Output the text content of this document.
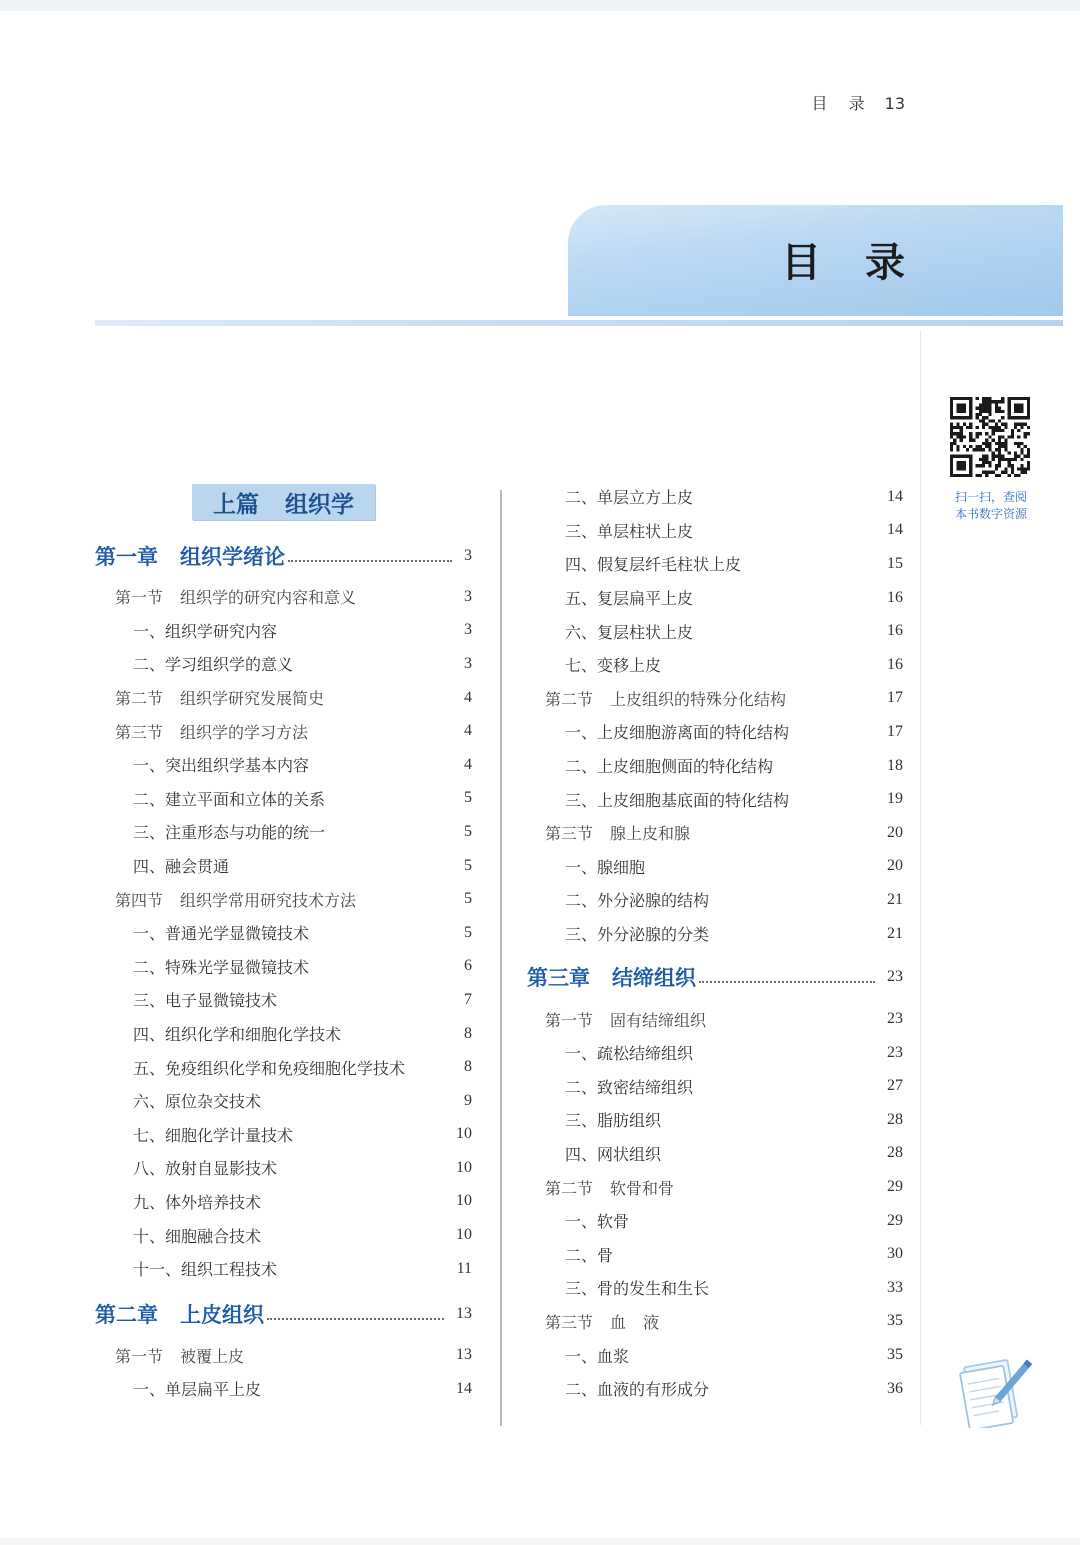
目 录 13
目 录
扫一扫，查阅
本书数字资源
上篇 组织学
第一章 组织学绪论	3
第一节 组织学的研究内容和意义	3
一、组织学研究内容	3
二、学习组织学的意义	3
第二节 组织学研究发展简史	4
第三节 组织学的学习方法	4
一、突出组织学基本内容	4
二、建立平面和立体的关系	5
三、注重形态与功能的统一	5
四、融会贯通	5
第四节 组织学常用研究技术方法	5
一、普通光学显微镜技术	5
二、特殊光学显微镜技术	6
三、电子显微镜技术	7
四、组织化学和细胞化学技术	8
五、免疫组织化学和免疫细胞化学技术	8
六、原位杂交技术	9
七、细胞化学计量技术	10
八、放射自显影技术	10
九、体外培养技术	10
十、细胞融合技术	10
十一、组织工程技术	11
第二章 上皮组织	13
第一节 被覆上皮	13
一、单层扁平上皮	14
二、单层立方上皮	14
三、单层柱状上皮	14
四、假复层纤毛柱状上皮	15
五、复层扁平上皮	16
六、复层柱状上皮	16
七、变移上皮	16
第二节 上皮组织的特殊分化结构	17
一、上皮细胞游离面的特化结构	17
二、上皮细胞侧面的特化结构	18
三、上皮细胞基底面的特化结构	19
第三节 腺上皮和腺	20
一、腺细胞	20
二、外分泌腺的结构	21
三、外分泌腺的分类	21
第三章 结缔组织	23
第一节 固有结缔组织	23
一、疏松结缔组织	23
二、致密结缔组织	27
三、脂肪组织	28
四、网状组织	28
第二节 软骨和骨	29
一、软骨	29
二、骨	30
三、骨的发生和生长	33
第三节 血 液	35
一、血浆	35
二、血液的有形成分	36
